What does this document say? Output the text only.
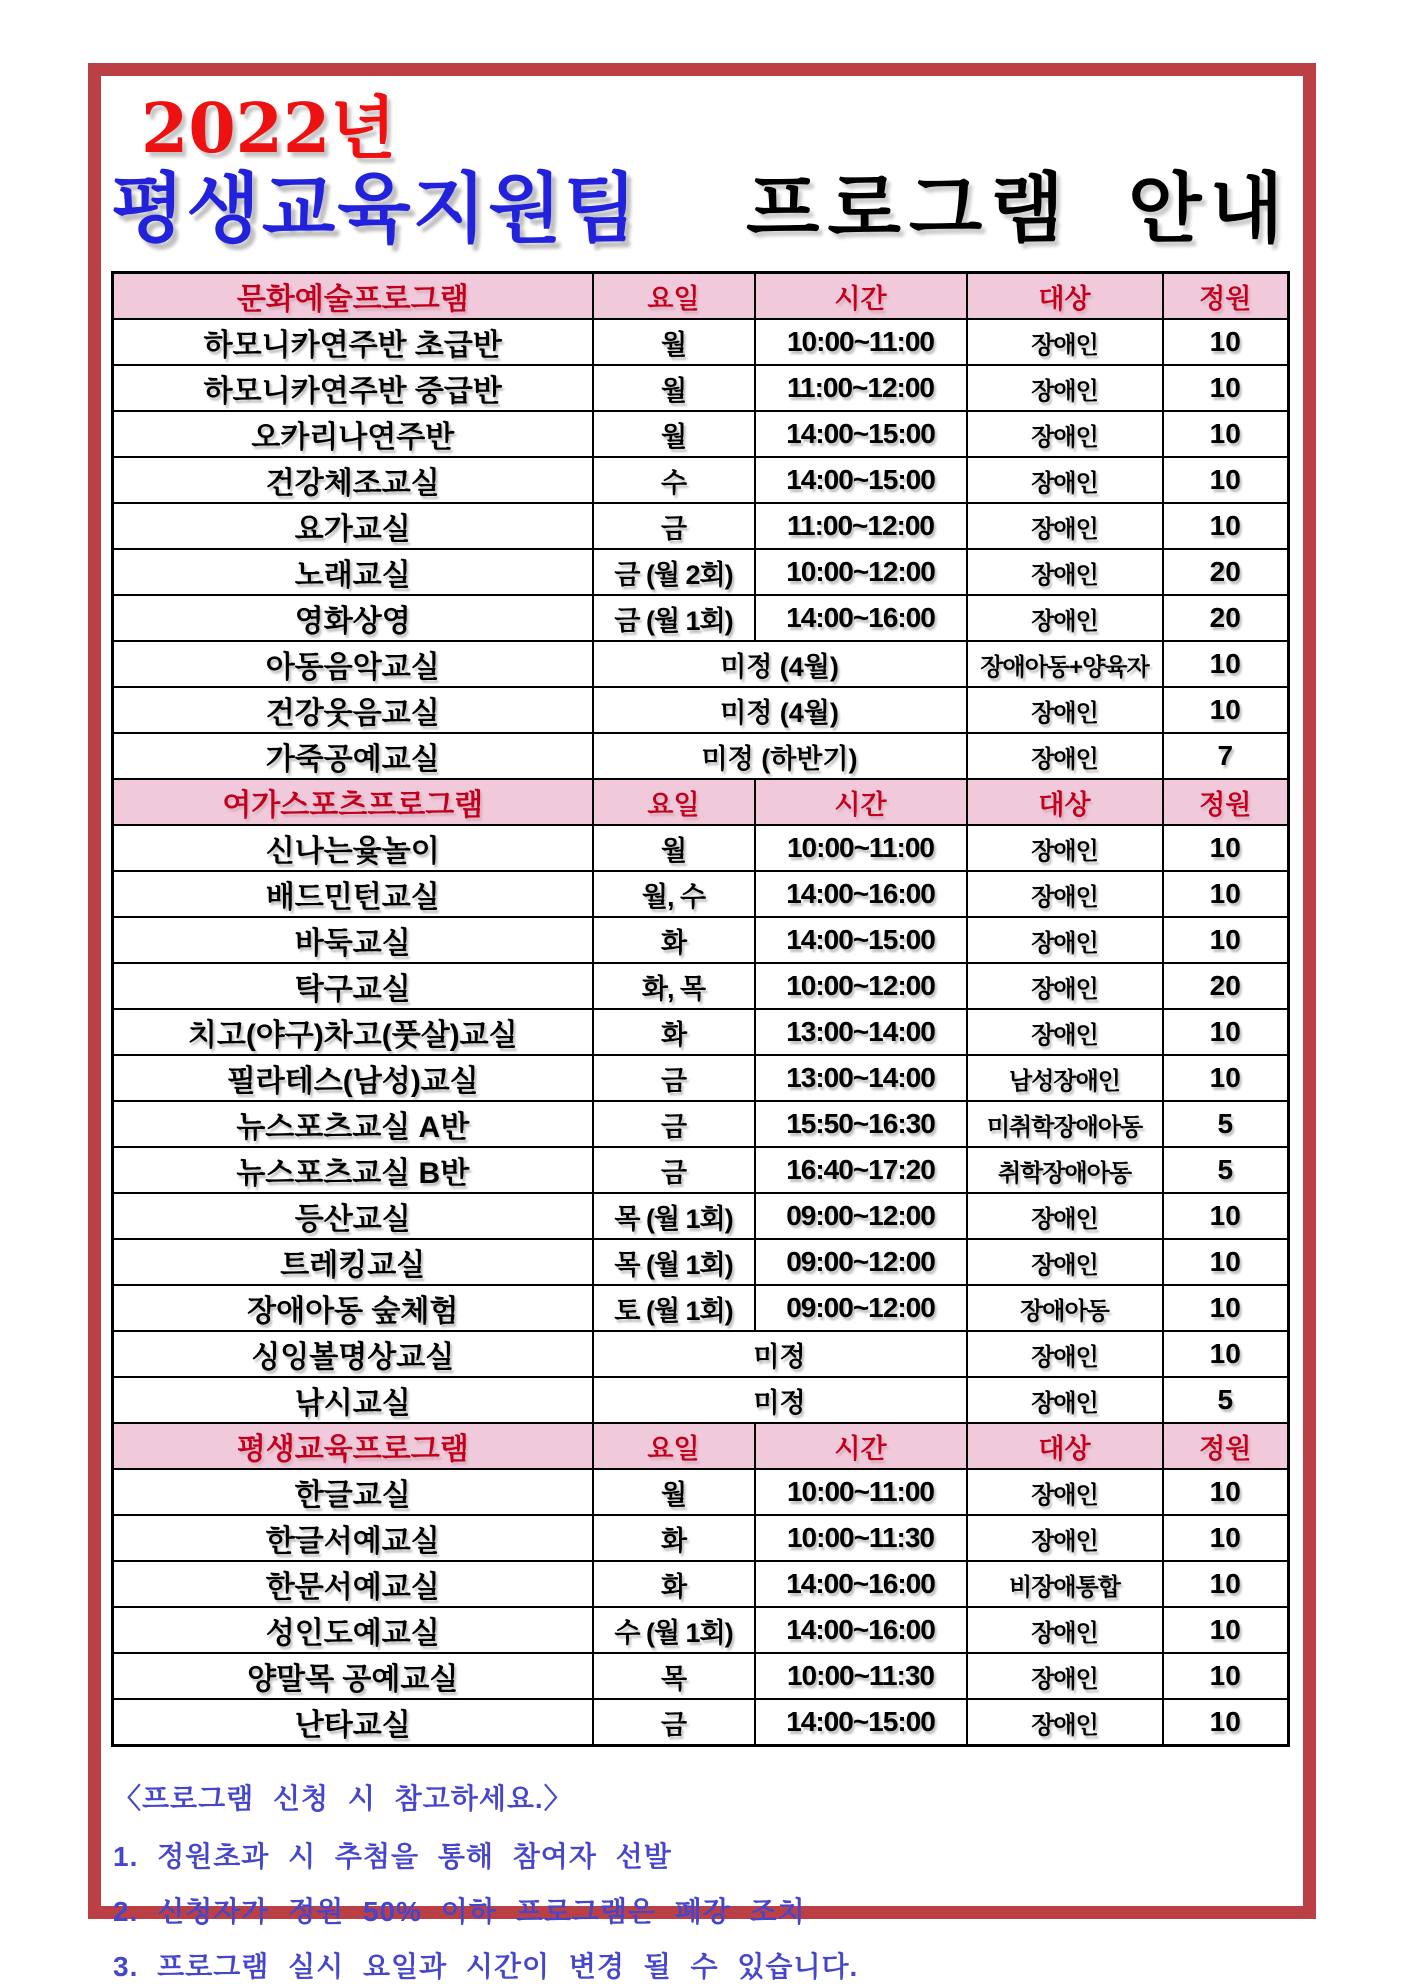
2022년
평생교육지원팀 프로그램 안내
문화예술프로그램	요일	시간	대상	정원
하모니카연주반 초급반	월	10:00~11:00	장애인	10
하모니카연주반 중급반	월	11:00~12:00	장애인	10
오카리나연주반	월	14:00~15:00	장애인	10
건강체조교실	수	14:00~15:00	장애인	10
요가교실	금	11:00~12:00	장애인	10
노래교실	금 (월 2회)	10:00~12:00	장애인	20
영화상영	금 (월 1회)	14:00~16:00	장애인	20
아동음악교실	미정 (4월)		장애아동+양육자	10
건강웃음교실	미정 (4월)		장애인	10
가죽공예교실	미정 (하반기)		장애인	7
여가스포츠프로그램	요일	시간	대상	정원
신나는윷놀이	월	10:00~11:00	장애인	10
배드민턴교실	월, 수	14:00~16:00	장애인	10
바둑교실	화	14:00~15:00	장애인	10
탁구교실	화, 목	10:00~12:00	장애인	20
치고(야구)차고(풋살)교실	화	13:00~14:00	장애인	10
필라테스(남성)교실	금	13:00~14:00	남성장애인	10
뉴스포츠교실 A반	금	15:50~16:30	미취학장애아동	5
뉴스포츠교실 B반	금	16:40~17:20	취학장애아동	5
등산교실	목 (월 1회)	09:00~12:00	장애인	10
트레킹교실	목 (월 1회)	09:00~12:00	장애인	10
장애아동 숲체험	토 (월 1회)	09:00~12:00	장애아동	10
싱잉볼명상교실	미정		장애인	10
낚시교실	미정		장애인	5
평생교육프로그램	요일	시간	대상	정원
한글교실	월	10:00~11:00	장애인	10
한글서예교실	화	10:00~11:30	장애인	10
한문서예교실	화	14:00~16:00	비장애통합	10
성인도예교실	수 (월 1회)	14:00~16:00	장애인	10
양말목 공예교실	목	10:00~11:30	장애인	10
난타교실	금	14:00~15:00	장애인	10
〈프로그램 신청 시 참고하세요.〉
1. 정원초과 시 추첨을 통해 참여자 선발
2. 신청자가 정원 50% 이하 프로그램은 폐강 조치
3. 프로그램 실시 요일과 시간이 변경 될 수 있습니다.
